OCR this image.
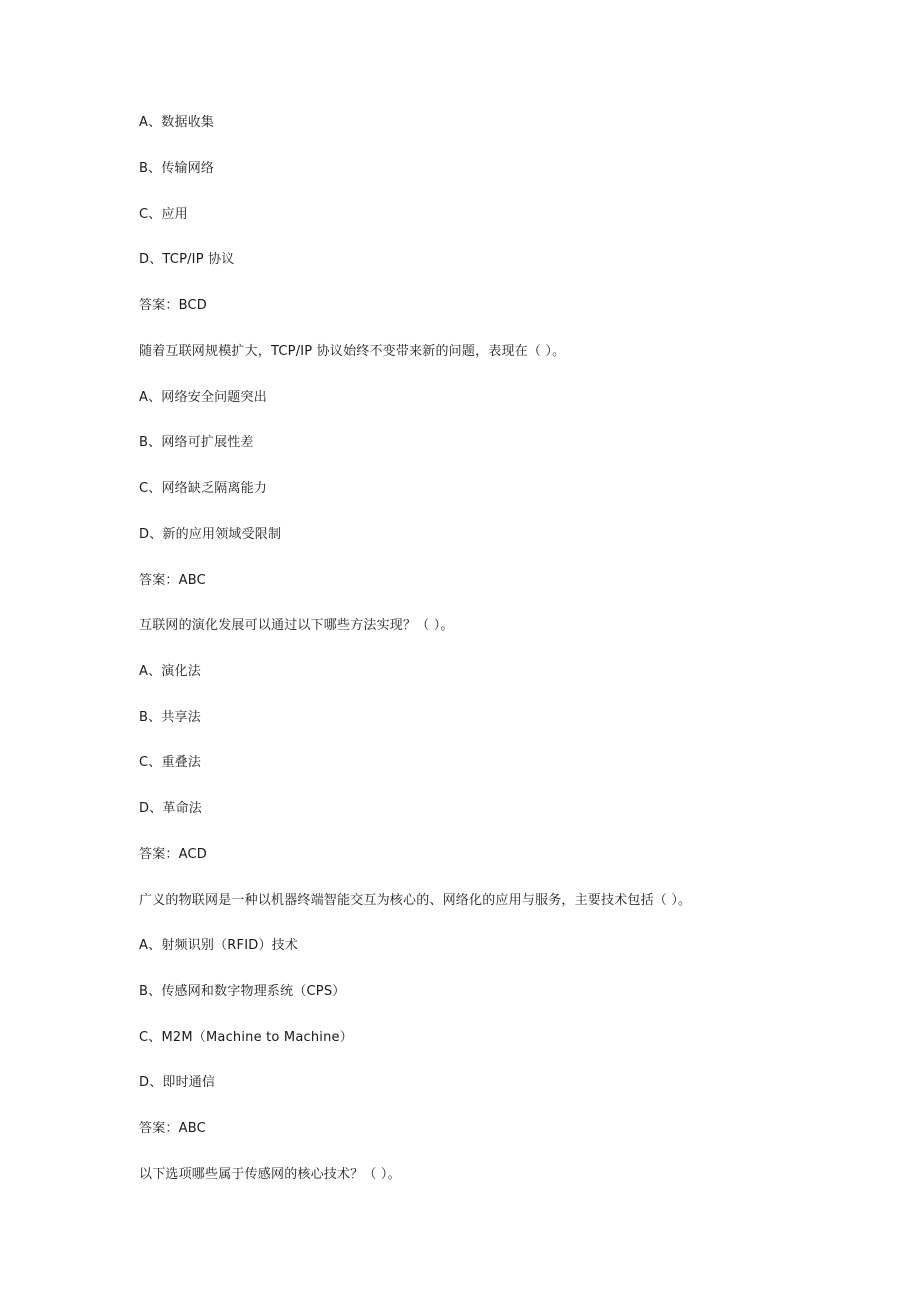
A、数据收集
B、传输网络
C、应用
D、TCP/IP 协议
答案：BCD
随着互联网规模扩大，TCP/IP 协议始终不变带来新的问题，表现在（ ）。
A、网络安全问题突出
B、网络可扩展性差
C、网络缺乏隔离能力
D、新的应用领域受限制
答案：ABC
互联网的演化发展可以通过以下哪些方法实现？（ ）。
A、演化法
B、共享法
C、重叠法
D、革命法
答案：ACD
广义的物联网是一种以机器终端智能交互为核心的、网络化的应用与服务，主要技术包括（ ）。
A、射频识别（RFID）技术
B、传感网和数字物理系统（CPS）
C、M2M（Machine to Machine）
D、即时通信
答案：ABC
以下选项哪些属于传感网的核心技术？（ ）。
